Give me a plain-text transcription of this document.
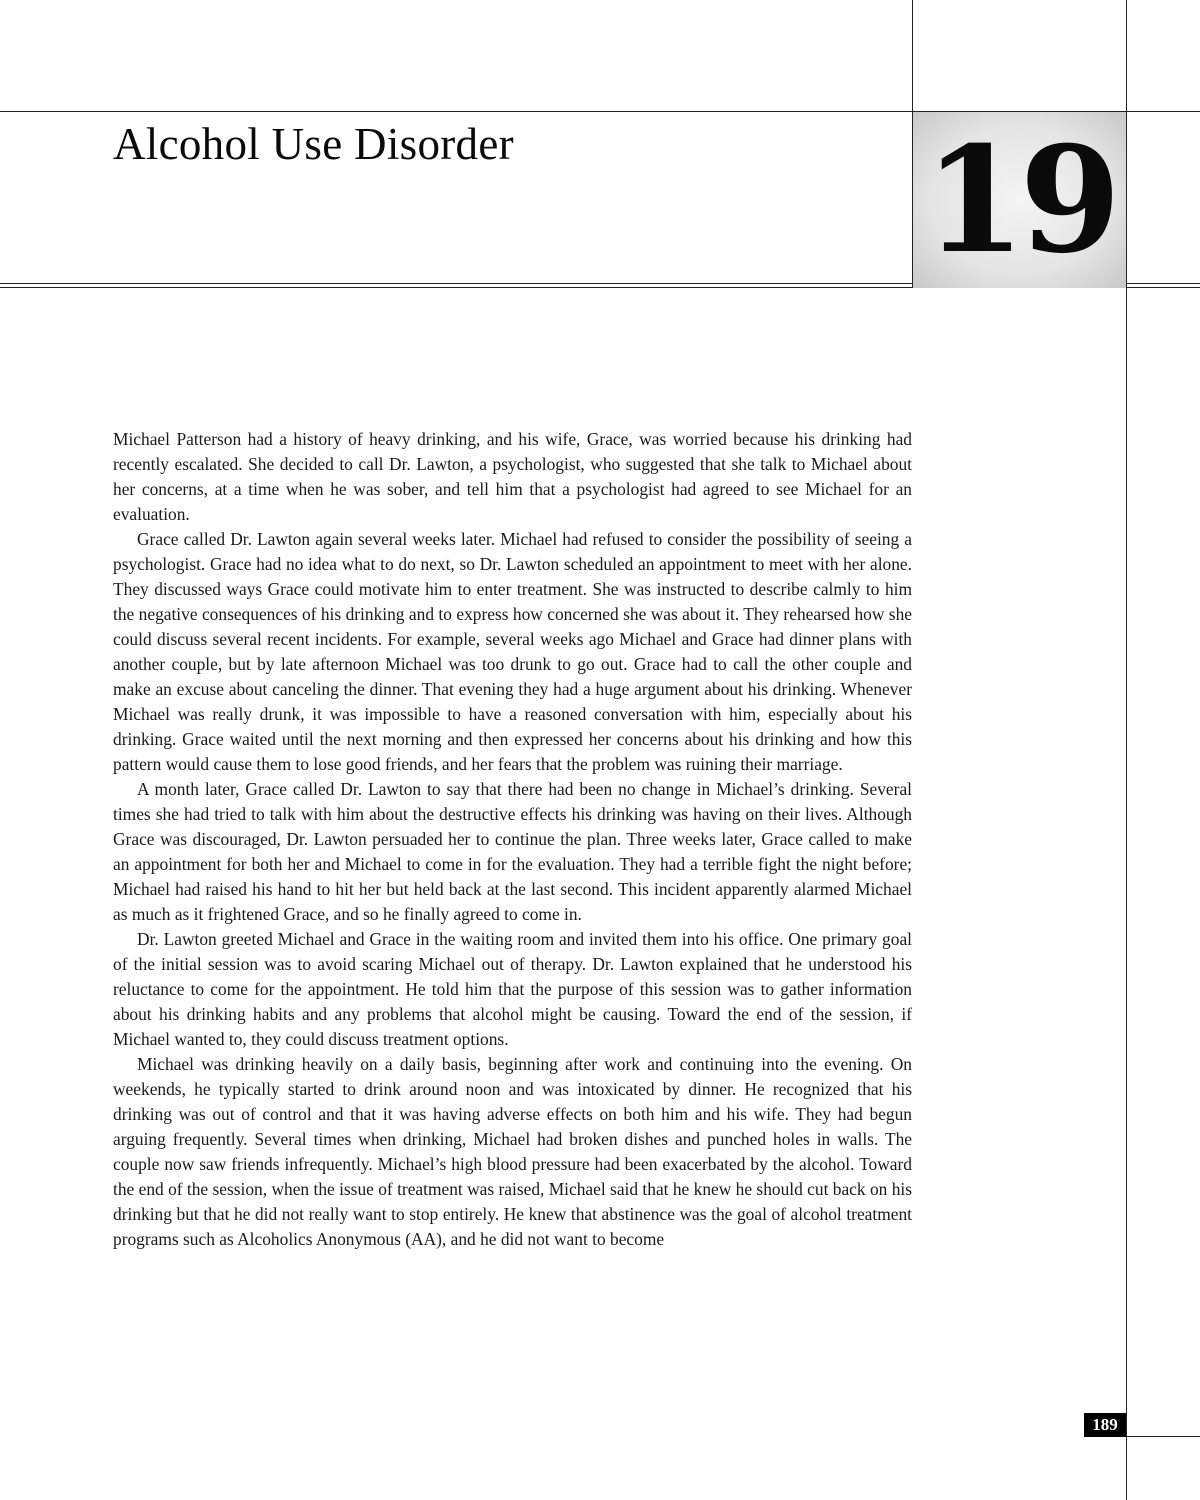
Alcohol Use Disorder	19

Michael Patterson had a history of heavy drinking, and his wife, Grace, was worried because his drinking had recently escalated. She decided to call Dr. Lawton, a psychologist, who suggested that she talk to Michael about her concerns, at a time when he was sober, and tell him that a psychologist had agreed to see Michael for an evaluation.

Grace called Dr. Lawton again several weeks later. Michael had refused to consider the possibility of seeing a psychologist. Grace had no idea what to do next, so Dr. Lawton scheduled an appointment to meet with her alone. They discussed ways Grace could motivate him to enter treatment. She was instructed to describe calmly to him the negative consequences of his drinking and to express how concerned she was about it. They rehearsed how she could discuss several recent incidents. For example, several weeks ago Michael and Grace had dinner plans with another couple, but by late afternoon Michael was too drunk to go out. Grace had to call the other couple and make an excuse about canceling the dinner. That evening they had a huge argument about his drinking. Whenever Michael was really drunk, it was impossible to have a reasoned conversation with him, especially about his drinking. Grace waited until the next morning and then expressed her concerns about his drinking and how this pattern would cause them to lose good friends, and her fears that the problem was ruining their marriage.

A month later, Grace called Dr. Lawton to say that there had been no change in Michael’s drinking. Several times she had tried to talk with him about the destructive effects his drinking was having on their lives. Although Grace was discouraged, Dr. Lawton persuaded her to continue the plan. Three weeks later, Grace called to make an appointment for both her and Michael to come in for the evaluation. They had a terrible fight the night before; Michael had raised his hand to hit her but held back at the last second. This incident apparently alarmed Michael as much as it frightened Grace, and so he finally agreed to come in.

Dr. Lawton greeted Michael and Grace in the waiting room and invited them into his office. One primary goal of the initial session was to avoid scaring Michael out of therapy. Dr. Lawton explained that he understood his reluctance to come for the appointment. He told him that the purpose of this session was to gather information about his drinking habits and any problems that alcohol might be causing. Toward the end of the session, if Michael wanted to, they could discuss treatment options.

Michael was drinking heavily on a daily basis, beginning after work and continuing into the evening. On weekends, he typically started to drink around noon and was intoxicated by dinner. He recognized that his drinking was out of control and that it was having adverse effects on both him and his wife. They had begun arguing frequently. Several times when drinking, Michael had broken dishes and punched holes in walls. The couple now saw friends infrequently. Michael’s high blood pressure had been exacerbated by the alcohol. Toward the end of the session, when the issue of treatment was raised, Michael said that he knew he should cut back on his drinking but that he did not really want to stop entirely. He knew that abstinence was the goal of alcohol treatment programs such as Alcoholics Anonymous (AA), and he did not want to become

189
